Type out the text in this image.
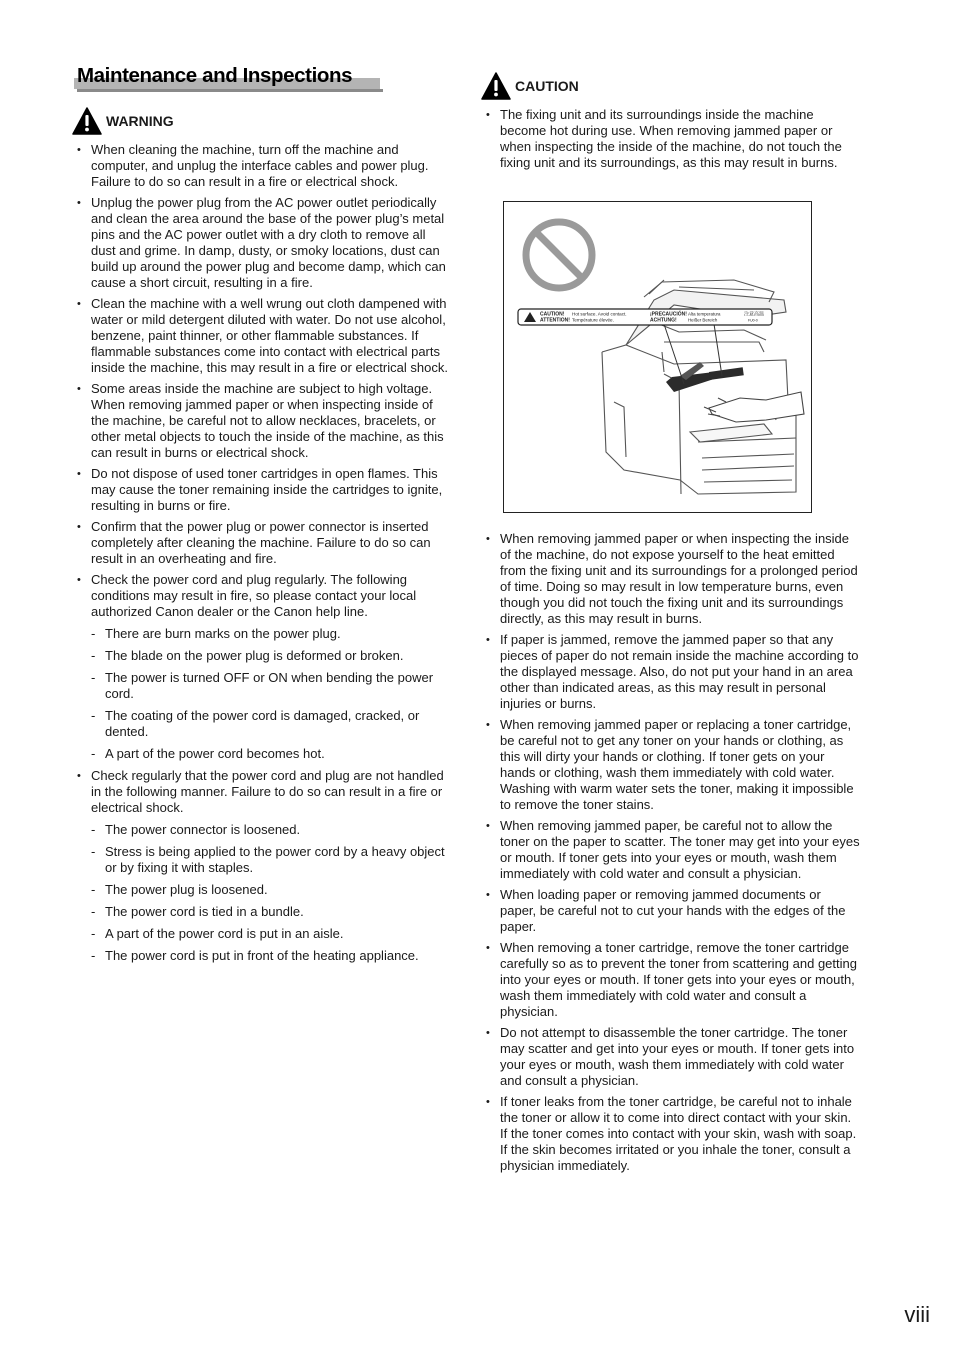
Maintenance and Inspections
WARNING
• When cleaning the machine, turn off the machine and computer, and unplug the interface cables and power plug. Failure to do so can result in a fire or electrical shock.
• Unplug the power plug from the AC power outlet periodically and clean the area around the base of the power plug’s metal pins and the AC power outlet with a dry cloth to remove all dust and grime. In damp, dusty, or smoky locations, dust can build up around the power plug and become damp, which can cause a short circuit, resulting in a fire.
• Clean the machine with a well wrung out cloth dampened with water or mild detergent diluted with water. Do not use alcohol, benzene, paint thinner, or other flammable substances. If flammable substances come into contact with electrical parts inside the machine, this may result in a fire or electrical shock.
• Some areas inside the machine are subject to high voltage. When removing jammed paper or when inspecting inside of the machine, be careful not to allow necklaces, bracelets, or other metal objects to touch the inside of the machine, as this can result in burns or electrical shock.
• Do not dispose of used toner cartridges in open flames. This may cause the toner remaining inside the cartridges to ignite, resulting in burns or fire.
• Confirm that the power plug or power connector is inserted completely after cleaning the machine. Failure to do so can result in an overheating and fire.
• Check the power cord and plug regularly. The following conditions may result in fire, so please contact your local authorized Canon dealer or the Canon help line.
- There are burn marks on the power plug.
- The blade on the power plug is deformed or broken.
- The power is turned OFF or ON when bending the power cord.
- The coating of the power cord is damaged, cracked, or dented.
- A part of the power cord becomes hot.
• Check regularly that the power cord and plug are not handled in the following manner. Failure to do so can result in a fire or electrical shock.
- The power connector is loosened.
- Stress is being applied to the power cord by a heavy object or by fixing it with staples.
- The power plug is loosened.
- The power cord is tied in a bundle.
- A part of the power cord is put in an aisle.
- The power cord is put in front of the heating appliance.
CAUTION
• The fixing unit and its surroundings inside the machine become hot during use. When removing jammed paper or when inspecting the inside of the machine, do not touch the fixing unit and its surroundings, as this may result in burns.
CAUTION!
ATTENTION!
Hot surface. Avoid contact.
Température élevée.
¡PRECAUCIÓN!
ACHTUNG!
Alta temperatura
Heißer Bereich
注意高温
FU0-0
• When removing jammed paper or when inspecting the inside of the machine, do not expose yourself to the heat emitted from the fixing unit and its surroundings for a prolonged period of time. Doing so may result in low temperature burns, even though you did not touch the fixing unit and its surroundings directly, as this may result in burns.
• If paper is jammed, remove the jammed paper so that any pieces of paper do not remain inside the machine according to the displayed message. Also, do not put your hand in an area other than indicated areas, as this may result in personal injuries or burns.
• When removing jammed paper or replacing a toner cartridge, be careful not to get any toner on your hands or clothing, as this will dirty your hands or clothing. If toner gets on your hands or clothing, wash them immediately with cold water. Washing with warm water sets the toner, making it impossible to remove the toner stains.
• When removing jammed paper, be careful not to allow the toner on the paper to scatter. The toner may get into your eyes or mouth. If toner gets into your eyes or mouth, wash them immediately with cold water and consult a physician.
• When loading paper or removing jammed documents or paper, be careful not to cut your hands with the edges of the paper.
• When removing a toner cartridge, remove the toner cartridge carefully so as to prevent the toner from scattering and getting into your eyes or mouth. If toner gets into your eyes or mouth, wash them immediately with cold water and consult a physician.
• Do not attempt to disassemble the toner cartridge. The toner may scatter and get into your eyes or mouth. If toner gets into your eyes or mouth, wash them immediately with cold water and consult a physician.
• If toner leaks from the toner cartridge, be careful not to inhale the toner or allow it to come into direct contact with your skin. If the toner comes into contact with your skin, wash with soap. If the skin becomes irritated or you inhale the toner, consult a physician immediately.
viii
